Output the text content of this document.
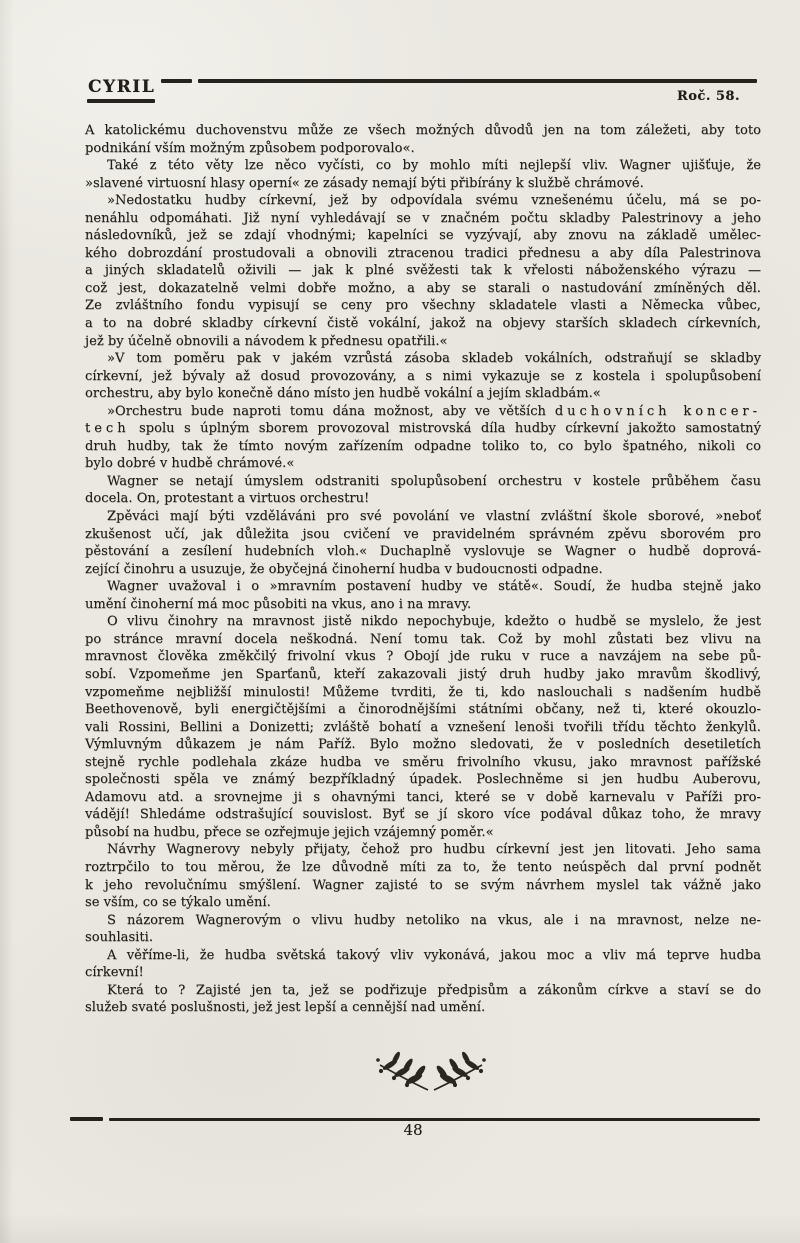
CYRIL	Roč. 58.
A katolickému duchovenstvu může ze všech možných důvodů jen na tom záležeti, aby toto
podnikání vším možným způsobem podporovalo«.
Také z této věty lze něco vyčísti, co by mohlo míti nejlepší vliv. Wagner ujišťuje, že
»slavené virtuosní hlasy operní« ze zásady nemají býti přibírány k službě chrámové.
»Nedostatku hudby církevní, jež by odpovídala svému vznešenému účelu, má se po-
nenáhlu odpomáhati. Již nyní vyhledávají se v značném počtu skladby Palestrinovy a jeho
následovníků, jež se zdají vhodnými; kapelníci se vyzývají, aby znovu na základě umělec-
kého dobrozdání prostudovali a obnovili ztracenou tradici přednesu a aby díla Palestrinova
a jiných skladatelů oživili — jak k plné svěžesti tak k vřelosti náboženského výrazu —
což jest, dokazatelně velmi dobře možno, a aby se starali o nastudování zmíněných děl.
Ze zvláštního fondu vypisují se ceny pro všechny skladatele vlasti a Německa vůbec,
a to na dobré skladby církevní čistě vokální, jakož na objevy starších skladech církevních,
jež by účelně obnovili a návodem k přednesu opatřili.«
»V tom poměru pak v jakém vzrůstá zásoba skladeb vokálních, odstraňují se skladby
církevní, jež bývaly až dosud provozovány, a s nimi vykazuje se z kostela i spolupůsobení
orchestru, aby bylo konečně dáno místo jen hudbě vokální a jejím skladbám.«
»Orchestru bude naproti tomu dána možnost, aby ve větších duchovních koncer-
tech spolu s úplným sborem provozoval mistrovská díla hudby církevní jakožto samostatný
druh hudby, tak že tímto novým zařízením odpadne toliko to, co bylo špatného, nikoli co
bylo dobré v hudbě chrámové.«
Wagner se netají úmyslem odstraniti spolupůsobení orchestru v kostele průběhem času
docela. On, protestant a virtuos orchestru!
Zpěváci mají býti vzděláváni pro své povolání ve vlastní zvláštní škole sborové, »neboť
zkušenost učí, jak důležita jsou cvičení ve pravidelném správném zpěvu sborovém pro
pěstování a zesílení hudebních vloh.« Duchaplně vyslovuje se Wagner o hudbě doprová-
zející činohru a usuzuje, že obyčejná činoherní hudba v budoucnosti odpadne.
Wagner uvažoval i o »mravním postavení hudby ve státě«. Soudí, že hudba stejně jako
umění činoherní má moc působiti na vkus, ano i na mravy.
O vlivu činohry na mravnost jistě nikdo nepochybuje, kdežto o hudbě se myslelo, že jest
po stránce mravní docela neškodná. Není tomu tak. Což by mohl zůstati bez vlivu na
mravnost člověka změkčilý frivolní vkus ? Obojí jde ruku v ruce a navzájem na sebe pů-
sobí. Vzpomeňme jen Sparťanů, kteří zakazovali jistý druh hudby jako mravům škodlivý,
vzpomeňme nejbližší minulosti! Můžeme tvrditi, že ti, kdo naslouchali s nadšením hudbě
Beethovenově, byli energičtějšími a činorodnějšími státními občany, než ti, které okouzlo-
vali Rossini, Bellini a Donizetti; zvláště bohatí a vznešení lenoši tvořili třídu těchto ženkylů.
Výmluvným důkazem je nám Paříž. Bylo možno sledovati, že v posledních desetiletích
stejně rychle podlehala zkáze hudba ve směru frivolního vkusu, jako mravnost pařížské
společnosti spěla ve známý bezpříkladný úpadek. Poslechněme si jen hudbu Auberovu,
Adamovu atd. a srovnejme ji s ohavnými tanci, které se v době karnevalu v Paříži pro-
vádějí! Shledáme odstrašující souvislost. Byť se jí skoro více podával důkaz toho, že mravy
působí na hudbu, přece se ozřejmuje jejich vzájemný poměr.«
Návrhy Wagnerovy nebyly přijaty, čehož pro hudbu církevní jest jen litovati. Jeho sama
roztrpčilo to tou měrou, že lze důvodně míti za to, že tento neúspěch dal první podnět
k jeho revolučnímu smýšlení. Wagner zajisté to se svým návrhem myslel tak vážně jako
se vším, co se týkalo umění.
S názorem Wagnerovým o vlivu hudby netoliko na vkus, ale i na mravnost, nelze ne-
souhlasiti.
A věříme-li, že hudba světská takový vliv vykonává, jakou moc a vliv má teprve hudba
církevní!
Která to ? Zajisté jen ta, jež se podřizuje předpisům a zákonům církve a staví se do
služeb svaté poslušnosti, jež jest lepší a cennější nad umění.
48
